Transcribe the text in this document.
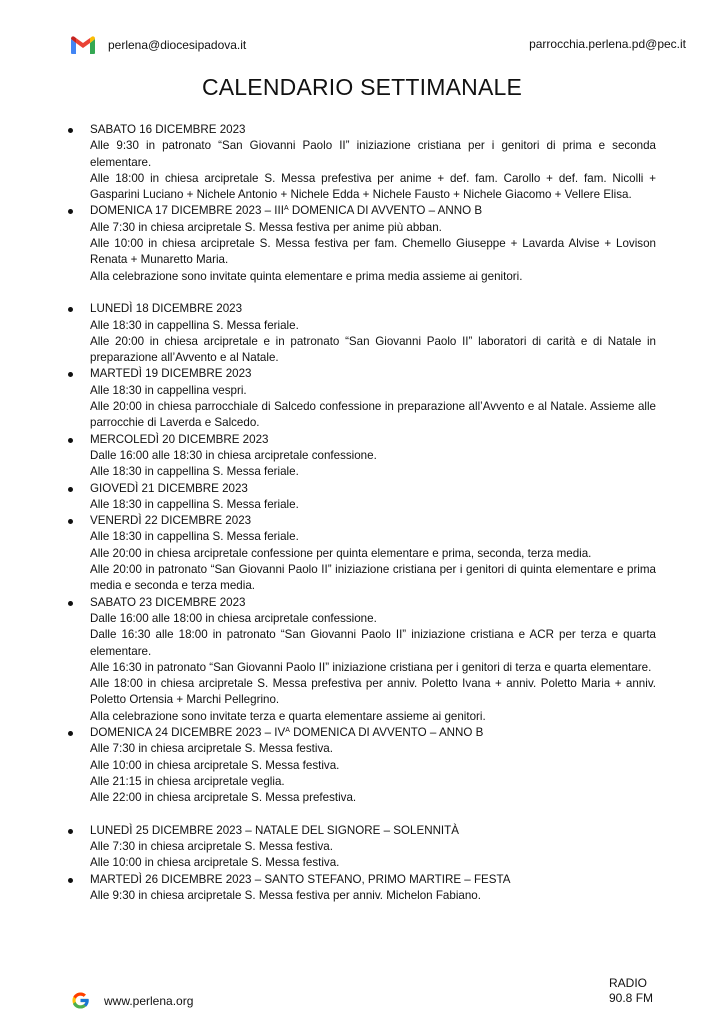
perlena@diocesipadova.it	parrocchia.perlena.pd@pec.it
CALENDARIO SETTIMANALE
SABATO 16 DICEMBRE 2023
Alle 9:30 in patronato “San Giovanni Paolo II” iniziazione cristiana per i genitori di prima e seconda elementare.
Alle 18:00 in chiesa arcipretale S. Messa prefestiva per anime + def. fam. Carollo + def. fam. Nicolli + Gasparini Luciano + Nichele Antonio + Nichele Edda + Nichele Fausto + Nichele Giacomo + Vellere Elisa.
DOMENICA 17 DICEMBRE $2023 - III^A$ DOMENICA DI AVVENTO – ANNO B
Alle 7:30 in chiesa arcipretale S. Messa festiva per anime più abban.
Alle 10:00 in chiesa arcipretale S. Messa festiva per fam. Chemello Giuseppe + Lavarda Alvise + Lovison Renata + Munaretto Maria.
Alla celebrazione sono invitate quinta elementare e prima media assieme ai genitori.
LUNEDÌ 18 DICEMBRE 2023
Alle 18:30 in cappellina S. Messa feriale.
Alle 20:00 in chiesa arcipretale e in patronato “San Giovanni Paolo II” laboratori di carità e di Natale in preparazione all’Avvento e al Natale.
MARTEDÌ 19 DICEMBRE 2023
Alle 18:30 in cappellina vespri.
Alle 20:00 in chiesa parrocchiale di Salcedo confessione in preparazione all’Avvento e al Natale. Assieme alle parrocchie di Laverda e Salcedo.
MERCOLEDÌ 20 DICEMBRE 2023
Dalle 16:00 alle 18:30 in chiesa arcipretale confessione.
Alle 18:30 in cappellina S. Messa feriale.
GIOVEDÌ 21 DICEMBRE 2023
Alle 18:30 in cappellina S. Messa feriale.
VENERDÌ 22 DICEMBRE 2023
Alle 18:30 in cappellina S. Messa feriale.
Alle 20:00 in chiesa arcipretale confessione per quinta elementare e prima, seconda, terza media.
Alle 20:00 in patronato “San Giovanni Paolo II” iniziazione cristiana per i genitori di quinta elementare e prima media e seconda e terza media.
SABATO 23 DICEMBRE 2023
Dalle 16:00 alle 18:00 in chiesa arcipretale confessione.
Dalle 16:30 alle 18:00 in patronato “San Giovanni Paolo II” iniziazione cristiana e ACR per terza e quarta elementare.
Alle 16:30 in patronato “San Giovanni Paolo II” iniziazione cristiana per i genitori di terza e quarta elementare.
Alle 18:00 in chiesa arcipretale S. Messa prefestiva per anniv. Poletto Ivana + anniv. Poletto Maria + anniv. Poletto Ortensia + Marchi Pellegrino.
Alla celebrazione sono invitate terza e quarta elementare assieme ai genitori.
DOMENICA 24 DICEMBRE $2023 - IV^A$ DOMENICA DI AVVENTO – ANNO B
Alle 7:30 in chiesa arcipretale S. Messa festiva.
Alle 10:00 in chiesa arcipretale S. Messa festiva.
Alle 21:15 in chiesa arcipretale veglia.
Alle 22:00 in chiesa arcipretale S. Messa prefestiva.
LUNEDÌ 25 DICEMBRE 2023 – NATALE DEL SIGNORE – SOLENNITÀ
Alle 7:30 in chiesa arcipretale S. Messa festiva.
Alle 10:00 in chiesa arcipretale S. Messa festiva.
MARTEDÌ 26 DICEMBRE 2023 – SANTO STEFANO, PRIMO MARTIRE – FESTA
Alle 9:30 in chiesa arcipretale S. Messa festiva per anniv. Michelon Fabiano.
www.perlena.org
RADIO
90.8 FM
